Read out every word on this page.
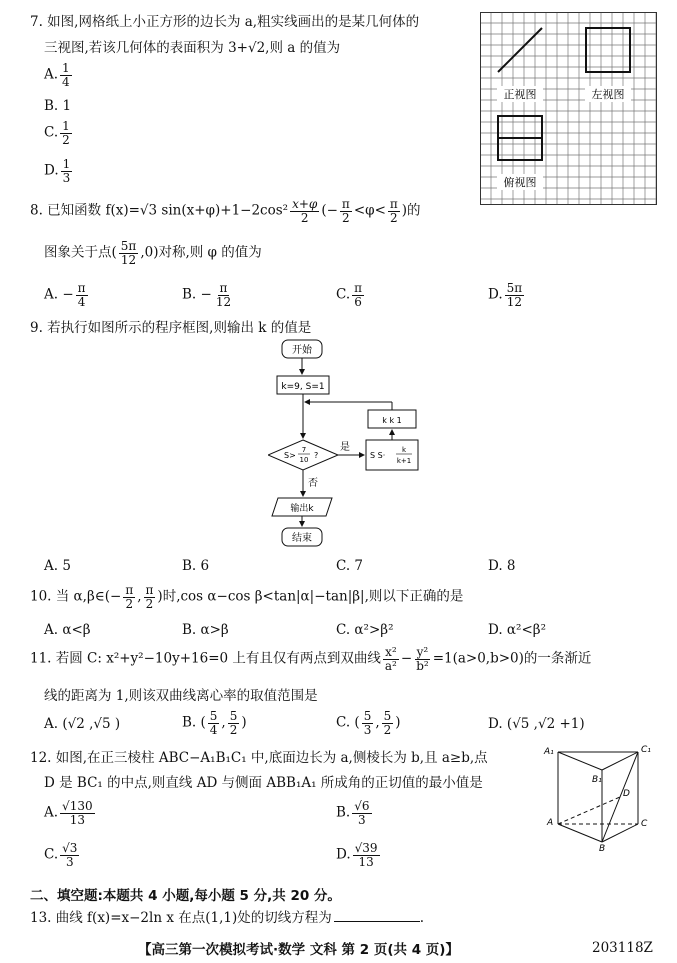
7. 如图,网格纸上小正方形的边长为 a,粗实线画出的是某几何体的
三视图,若该几何体的表面积为 3+√2,则 a 的值为
A. $\frac{1}{4}$
B. 1
C. $\frac{1}{2}$
D. $\frac{1}{3}$
正视图	左视图
俯视图
8. 已知函数 f(x)=√3 $\sin(x+\varphi)+1-2\cos^2 \frac{x+\varphi}{2}$ (− $\frac{\pi}{2} <\varphi< \frac{\pi}{2}$ )的
图象关于点( $\frac{5\pi}{12} ,0$)对称,则 φ 的值为
A. − $\frac{\pi}{4}$	B. − $\frac{\pi}{12}$	C. $\frac{\pi}{6}$	D. $\frac{5\pi}{12}$
9. 若执行如图所示的程序框图,则输出 k 的值是
开始
k=9, S=1
S>
7
10 ?
是
S S·
k
k+1
k k 1
否
输出k
结束
A. 5	B. 6	C. 7	D. 8
10. 当 α,β∈(− $\frac{\pi}{2}$ , $\frac{\pi}{2}$ )时,cos α−cos β<tan|α|−tan|β|,则以下正确的是
A. α<β	B. α>β	C. α²>β²	D. α²<β²
11. 若圆 C: x²+y²−10y+16=0 上有且仅有两点到双曲线 $\frac{\text{x²}}{\text{a²}} - \frac{\text{y²}}{\text{b²}} =1(a>0,b>0)$的一条渐近
线的距离为 1,则该双曲线离心率的取值范围是
A. (√2 ,√5 )	B. ( $\frac{5}{4}$ , $\frac{5}{2}$ )	C. ( $\frac{5}{3}$ , $\frac{5}{2}$ )	D. (√5 ,√2 +1)
12. 如图,在正三棱柱 ABC−A₁B₁C₁ 中,底面边长为 a,侧棱长为 b,且 a≥b,点
D 是 BC₁ 的中点,则直线 AD 与侧面 ABB₁A₁ 所成角的正切值的最小值是
A. $\frac{√130}{13}$	B. $\frac{√6}{3}$
C. $\frac{√3}{3}$	D. $\frac{√39}{13}$
A₁	C₁
B₁
D
A
B
C
二、填空题:本题共 4 小题,每小题 5 分,共 20 分。
13. 曲线 f(x)=x−2ln x 在点(1,1)处的切线方程为	.
【高三第一次模拟考试·数学 文科 第 2 页(共 4 页)】	203118Z
